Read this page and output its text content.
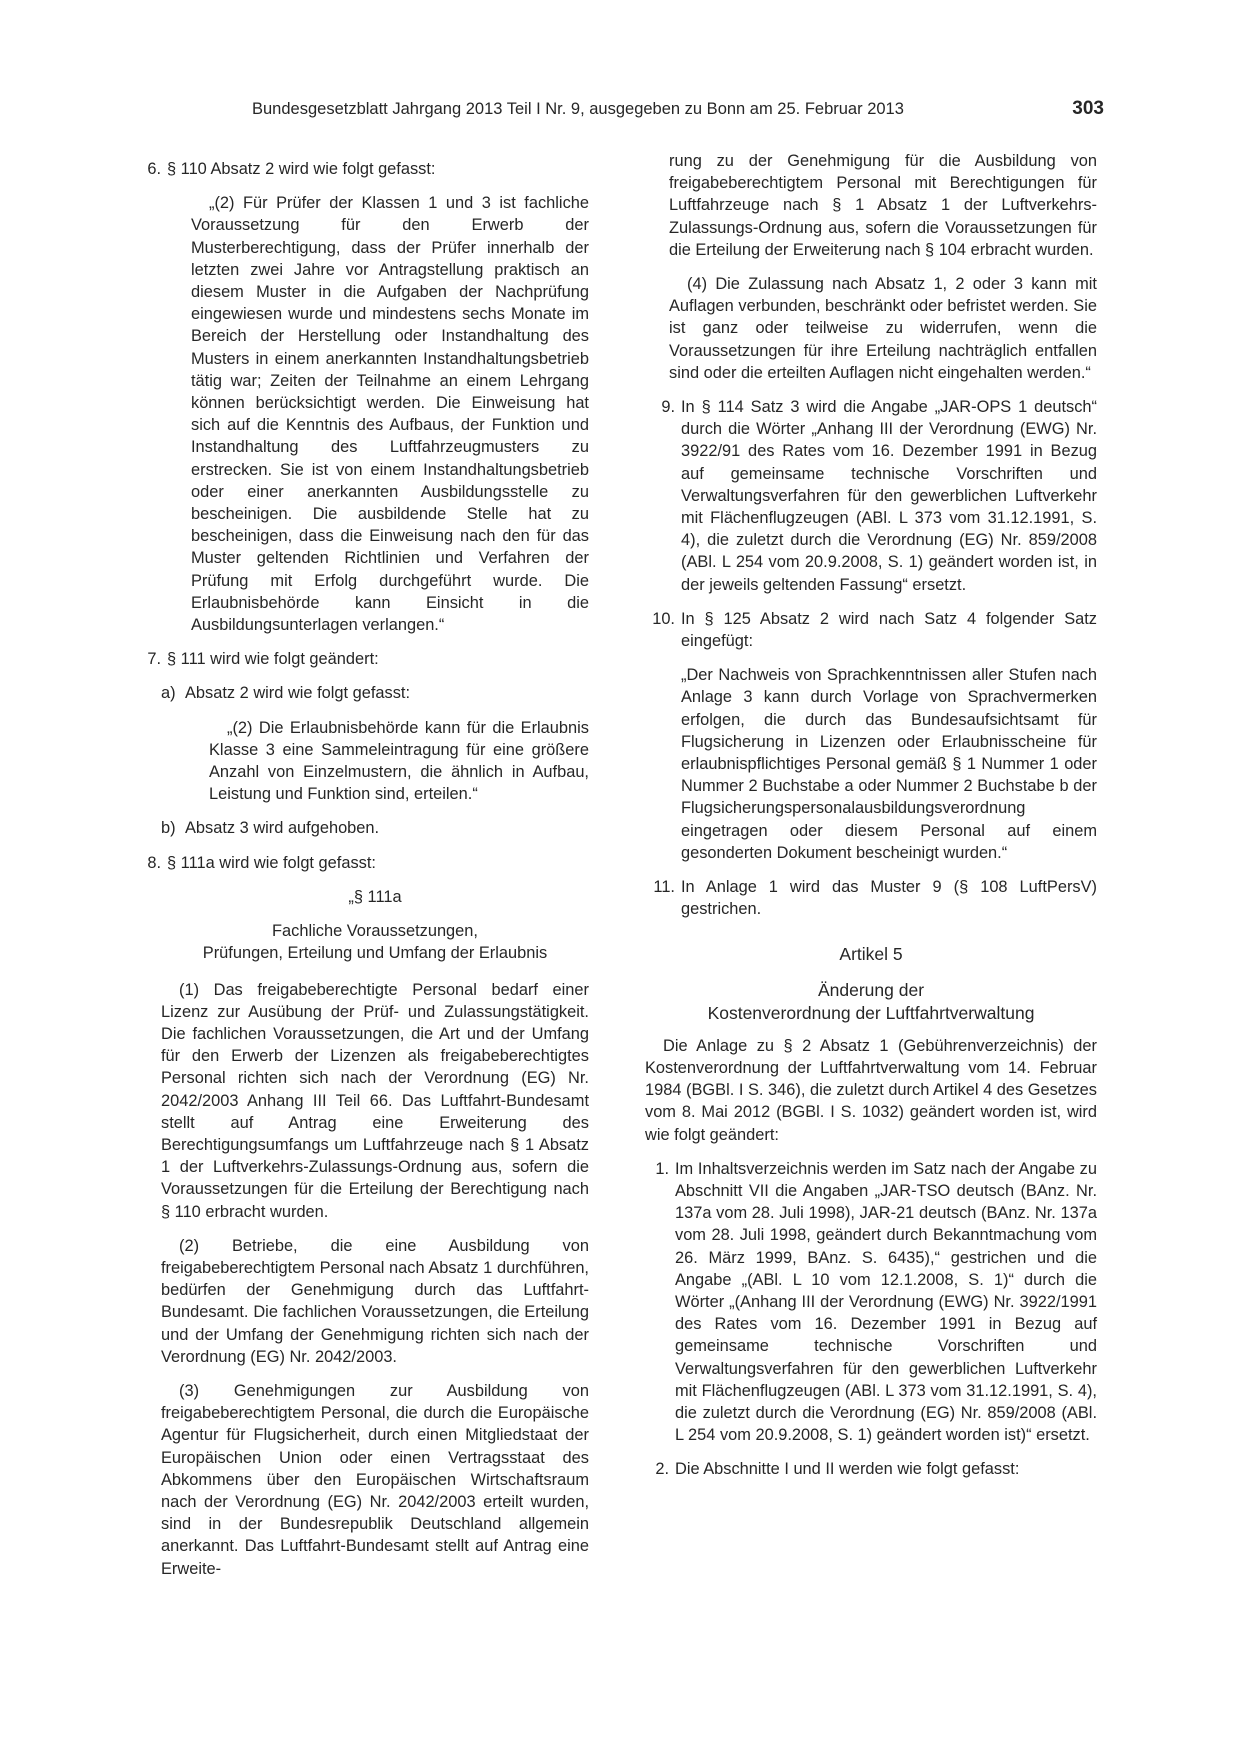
Bundesgesetzblatt Jahrgang 2013 Teil I Nr. 9, ausgegeben zu Bonn am 25. Februar 2013	303
6. § 110 Absatz 2 wird wie folgt gefasst:

„(2) Für Prüfer der Klassen 1 und 3 ist fachliche Voraussetzung für den Erwerb der Musterberechtigung, dass der Prüfer innerhalb der letzten zwei Jahre vor Antragstellung praktisch an diesem Muster in die Aufgaben der Nachprüfung eingewiesen wurde und mindestens sechs Monate im Bereich der Herstellung oder Instandhaltung des Musters in einem anerkannten Instandhaltungsbetrieb tätig war; Zeiten der Teilnahme an einem Lehrgang können berücksichtigt werden. Die Einweisung hat sich auf die Kenntnis des Aufbaus, der Funktion und Instandhaltung des Luftfahrzeugmusters zu erstrecken. Sie ist von einem Instandhaltungsbetrieb oder einer anerkannten Ausbildungsstelle zu bescheinigen. Die ausbildende Stelle hat zu bescheinigen, dass die Einweisung nach den für das Muster geltenden Richtlinien und Verfahren der Prüfung mit Erfolg durchgeführt wurde. Die Erlaubnisbehörde kann Einsicht in die Ausbildungsunterlagen verlangen.“

7. § 111 wird wie folgt geändert:
a) Absatz 2 wird wie folgt gefasst:

„(2) Die Erlaubnisbehörde kann für die Erlaubnis Klasse 3 eine Sammeleintragung für eine größere Anzahl von Einzelmustern, die ähnlich in Aufbau, Leistung und Funktion sind, erteilen.“

b) Absatz 3 wird aufgehoben.
8. § 111a wird wie folgt gefasst:
„§ 111a
Fachliche Voraussetzungen,
Prüfungen, Erteilung und Umfang der Erlaubnis

(1) Das freigabeberechtigte Personal bedarf einer Lizenz zur Ausübung der Prüf- und Zulassungstätigkeit. Die fachlichen Voraussetzungen, die Art und der Umfang für den Erwerb der Lizenzen als freigabeberechtigtes Personal richten sich nach der Verordnung (EG) Nr. 2042/2003 Anhang III Teil 66. Das Luftfahrt-Bundesamt stellt auf Antrag eine Erweiterung des Berechtigungsumfangs um Luftfahrzeuge nach § 1 Absatz 1 der Luftverkehrs-Zulassungs-Ordnung aus, sofern die Voraussetzungen für die Erteilung der Berechtigung nach § 110 erbracht wurden.

(2) Betriebe, die eine Ausbildung von freigabeberechtigtem Personal nach Absatz 1 durchführen, bedürfen der Genehmigung durch das Luftfahrt-Bundesamt. Die fachlichen Voraussetzungen, die Erteilung und der Umfang der Genehmigung richten sich nach der Verordnung (EG) Nr. 2042/2003.

(3) Genehmigungen zur Ausbildung von freigabeberechtigtem Personal, die durch die Europäische Agentur für Flugsicherheit, durch einen Mitgliedstaat der Europäischen Union oder einen Vertragsstaat des Abkommens über den Europäischen Wirtschaftsraum nach der Verordnung (EG) Nr. 2042/2003 erteilt wurden, sind in der Bundesrepublik Deutschland allgemein anerkannt. Das Luftfahrt-Bundesamt stellt auf Antrag eine Erweite-

rung zu der Genehmigung für die Ausbildung von freigabeberechtigtem Personal mit Berechtigungen für Luftfahrzeuge nach § 1 Absatz 1 der Luftverkehrs-Zulassungs-Ordnung aus, sofern die Voraussetzungen für die Erteilung der Erweiterung nach § 104 erbracht wurden.

(4) Die Zulassung nach Absatz 1, 2 oder 3 kann mit Auflagen verbunden, beschränkt oder befristet werden. Sie ist ganz oder teilweise zu widerrufen, wenn die Voraussetzungen für ihre Erteilung nachträglich entfallen sind oder die erteilten Auflagen nicht eingehalten werden.“

9. In § 114 Satz 3 wird die Angabe „JAR-OPS 1 deutsch“ durch die Wörter „Anhang III der Verordnung (EWG) Nr. 3922/91 des Rates vom 16. Dezember 1991 in Bezug auf gemeinsame technische Vorschriften und Verwaltungsverfahren für den gewerblichen Luftverkehr mit Flächenflugzeugen (ABl. L 373 vom 31.12.1991, S. 4), die zuletzt durch die Verordnung (EG) Nr. 859/2008 (ABl. L 254 vom 20.9.2008, S. 1) geändert worden ist, in der jeweils geltenden Fassung“ ersetzt.
10. In § 125 Absatz 2 wird nach Satz 4 folgender Satz eingefügt:

„Der Nachweis von Sprachkenntnissen aller Stufen nach Anlage 3 kann durch Vorlage von Sprachvermerken erfolgen, die durch das Bundesaufsichtsamt für Flugsicherung in Lizenzen oder Erlaubnisscheine für erlaubnispflichtiges Personal gemäß § 1 Nummer 1 oder Nummer 2 Buchstabe a oder Nummer 2 Buchstabe b der Flugsicherungspersonalausbildungsverordnung eingetragen oder diesem Personal auf einem gesonderten Dokument bescheinigt wurden.“

11. In Anlage 1 wird das Muster 9 (§ 108 LuftPersV) gestrichen.
Artikel 5
Änderung der
Kostenverordnung der Luftfahrtverwaltung

Die Anlage zu § 2 Absatz 1 (Gebührenverzeichnis) der Kostenverordnung der Luftfahrtverwaltung vom 14. Februar 1984 (BGBl. I S. 346), die zuletzt durch Artikel 4 des Gesetzes vom 8. Mai 2012 (BGBl. I S. 1032) geändert worden ist, wird wie folgt geändert:

1. Im Inhaltsverzeichnis werden im Satz nach der Angabe zu Abschnitt VII die Angaben „JAR-TSO deutsch (BAnz. Nr. 137a vom 28. Juli 1998), JAR-21 deutsch (BAnz. Nr. 137a vom 28. Juli 1998, geändert durch Bekanntmachung vom 26. März 1999, BAnz. S. 6435),“ gestrichen und die Angabe „(ABl. L 10 vom 12.1.2008, S. 1)“ durch die Wörter „(Anhang III der Verordnung (EWG) Nr. 3922/1991 des Rates vom 16. Dezember 1991 in Bezug auf gemeinsame technische Vorschriften und Verwaltungsverfahren für den gewerblichen Luftverkehr mit Flächenflugzeugen (ABl. L 373 vom 31.12.1991, S. 4), die zuletzt durch die Verordnung (EG) Nr. 859/2008 (ABl. L 254 vom 20.9.2008, S. 1) geändert worden ist)“ ersetzt.
2. Die Abschnitte I und II werden wie folgt gefasst:
